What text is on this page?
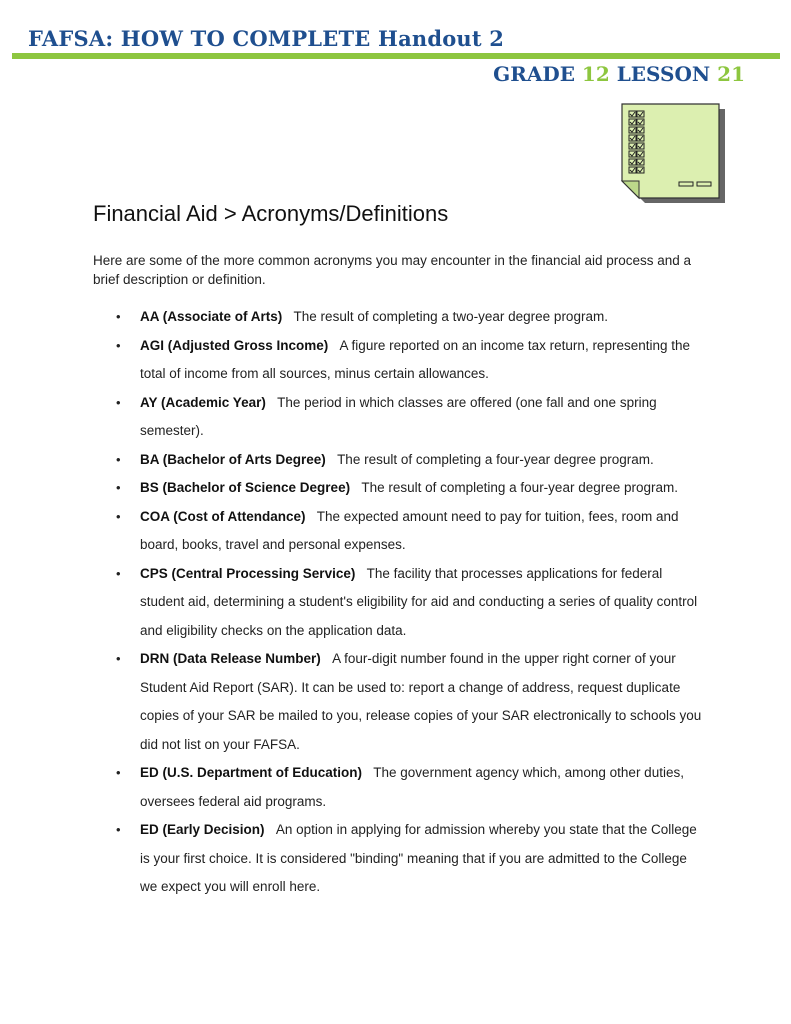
FAFSA: HOW TO COMPLETE Handout 2
GRADE 12 LESSON 21
Financial Aid > Acronyms/Definitions
Here are some of the more common acronyms you may encounter in the financial aid process and a brief description or definition.
•	AA (Associate of Arts) The result of completing a two-year degree program.
•	AGI (Adjusted Gross Income) A figure reported on an income tax return, representing the total of income from all sources, minus certain allowances.
•	AY (Academic Year) The period in which classes are offered (one fall and one spring semester).
•	BA (Bachelor of Arts Degree) The result of completing a four-year degree program.
•	BS (Bachelor of Science Degree) The result of completing a four-year degree program.
•	COA (Cost of Attendance) The expected amount need to pay for tuition, fees, room and board, books, travel and personal expenses.
•	CPS (Central Processing Service) The facility that processes applications for federal student aid, determining a student's eligibility for aid and conducting a series of quality control and eligibility checks on the application data.
•	DRN (Data Release Number) A four-digit number found in the upper right corner of your Student Aid Report (SAR). It can be used to: report a change of address, request duplicate copies of your SAR be mailed to you, release copies of your SAR electronically to schools you did not list on your FAFSA.
•	ED (U.S. Department of Education) The government agency which, among other duties, oversees federal aid programs.
•	ED (Early Decision) An option in applying for admission whereby you state that the College is your first choice. It is considered "binding" meaning that if you are admitted to the College we expect you will enroll here.
